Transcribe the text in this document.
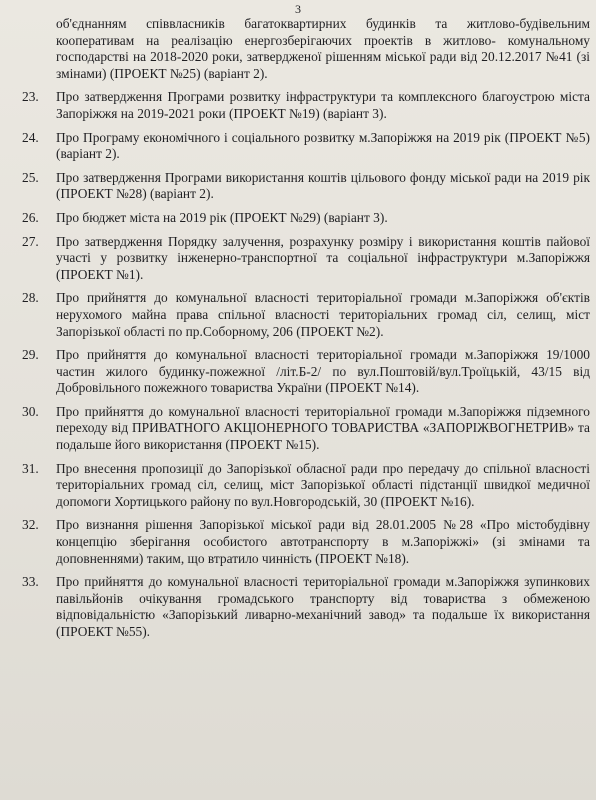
3
об'єднанням співвласників багатоквартирних будинків та житлово-будівельним кооперативам на реалізацію енергозберігаючих проектів в житлово- комунальному господарстві на 2018-2020 роки, затвердженої рішенням міської ради від 20.12.2017 №41 (зі змінами) (ПРОЕКТ №25) (варіант 2).
23. Про затвердження Програми розвитку інфраструктури та комплексного благоустрою міста Запоріжжя на 2019-2021 роки (ПРОЕКТ №19) (варіант 3).
24. Про Програму економічного і соціального розвитку м.Запоріжжя на 2019 рік (ПРОЕКТ №5) (варіант 2).
25. Про затвердження Програми використання коштів цільового фонду міської ради на 2019 рік (ПРОЕКТ №28) (варіант 2).
26. Про бюджет міста на 2019 рік (ПРОЕКТ №29) (варіант 3).
27. Про затвердження Порядку залучення, розрахунку розміру і використання коштів пайової участі у розвитку інженерно-транспортної та соціальної інфраструктури м.Запоріжжя (ПРОЕКТ №1).
28. Про прийняття до комунальної власності територіальної громади м.Запоріжжя об'єктів нерухомого майна права спільної власності територіальних громад сіл, селищ, міст Запорізької області по пр.Соборному, 206 (ПРОЕКТ №2).
29. Про прийняття до комунальної власності територіальної громади м.Запоріжжя 19/1000 частин жилого будинку-пожежної /літ.Б-2/ по вул.Поштовій/вул.Троїцькій, 43/15 від Добровільного пожежного товариства України (ПРОЕКТ №14).
30. Про прийняття до комунальної власності територіальної громади м.Запоріжжя підземного переходу від ПРИВАТНОГО АКЦІОНЕРНОГО ТОВАРИСТВА «ЗАПОРІЖВОГНЕТРИВ» та подальше його використання (ПРОЕКТ №15).
31. Про внесення пропозиції до Запорізької обласної ради про передачу до спільної власності територіальних громад сіл, селищ, міст Запорізької області підстанції швидкої медичної допомоги Хортицького району по вул.Новгородській, 30 (ПРОЕКТ №16).
32. Про визнання рішення Запорізької міської ради від 28.01.2005 №28 «Про містобудівну концепцію зберігання особистого автотранспорту в м.Запоріжжі» (зі змінами та доповненнями) таким, що втратило чинність (ПРОЕКТ №18).
33. Про прийняття до комунальної власності територіальної громади м.Запоріжжя зупинкових павільйонів очікування громадського транспорту від товариства з обмеженою відповідальністю «Запорізький ливарно-механічний завод» та подальше їх використання (ПРОЕКТ №55).
